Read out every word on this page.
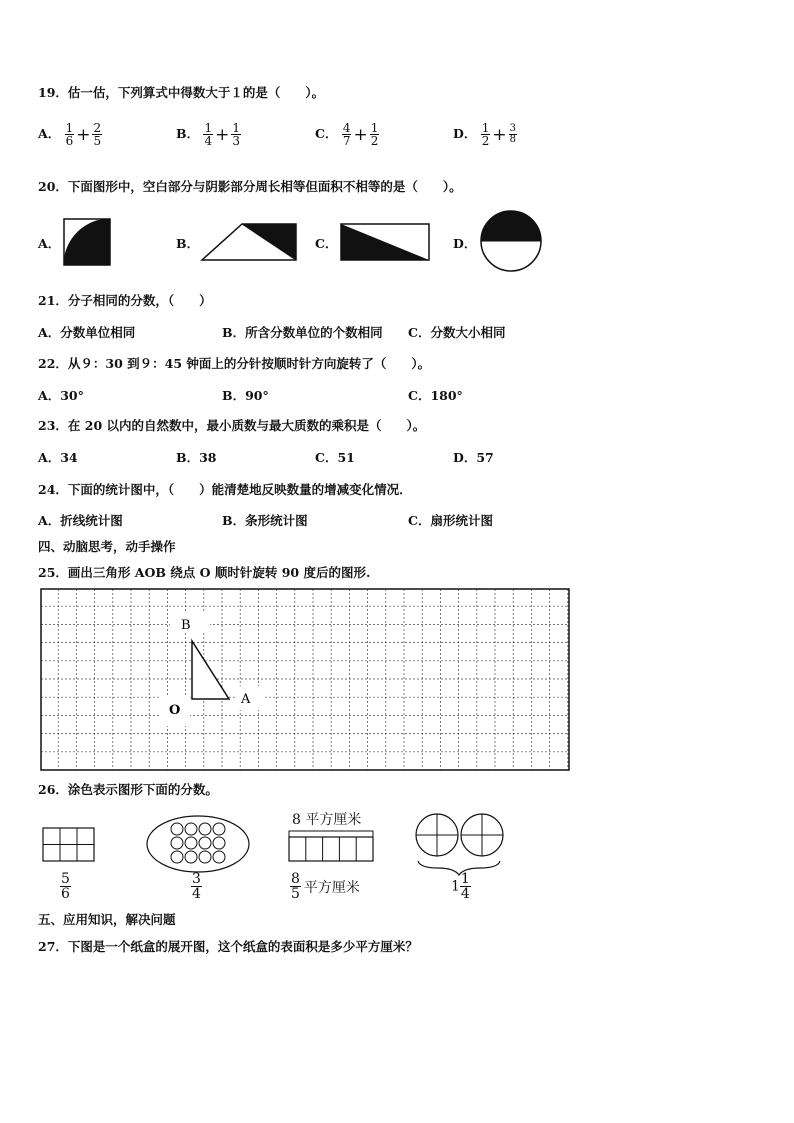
19．估一估，下列算式中得数大于１的是（　　）。
A． $\frac{1}{6} + \frac{2}{5}$	B． $\frac{1}{4} + \frac{1}{3}$	C． $\frac{4}{7} + \frac{1}{2}$	D． $\frac{1}{2} + \frac{3}{8}$
20．下面图形中，空白部分与阴影部分周长相等但面积不相等的是（　　）。
A．	B．	C．	D．
21．分子相同的分数，（　　）
A．分数单位相同	B．所含分数单位的个数相同 C．分数大小相同
22．从９：30 到９：45 钟面上的分针按顺时针方向旋转了（　　）。
A．30°	B．90°	C．180°
23．在 20 以内的自然数中，最小质数与最大质数的乘积是（　　）。
A．34	B．38	C．51	D．57
24．下面的统计图中，（　　）能清楚地反映数量的增减变化情况．
A．折线统计图	B．条形统计图	C．扇形统计图
四、动脑思考，动手操作
25．画出三角形 AOB 绕点 O 顺时针旋转 90 度后的图形.
B
A
O
26．涂色表示图形下面的分数。
$\frac{5}{6}$	$\frac{3}{4}$
8 平方厘米
$\frac{8}{5}$ 平方厘米	$1 \frac{1}{4}$
五、应用知识，解决问题
27．下图是一个纸盒的展开图，这个纸盒的表面积是多少平方厘米？
